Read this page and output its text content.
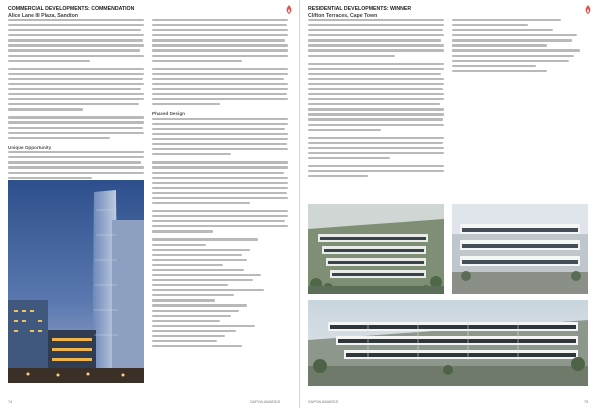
COMMERCIAL DEVELOPMENTS: COMMENDATION
Alice Lane III Plaza, Sandton
Unique Opportunity
Phased Design
74	SAPOA AWARDS
RESIDENTIAL DEVELOPMENTS: WINNER
Clifton Terraces, Cape Town
SAPOA AWARDS	75
